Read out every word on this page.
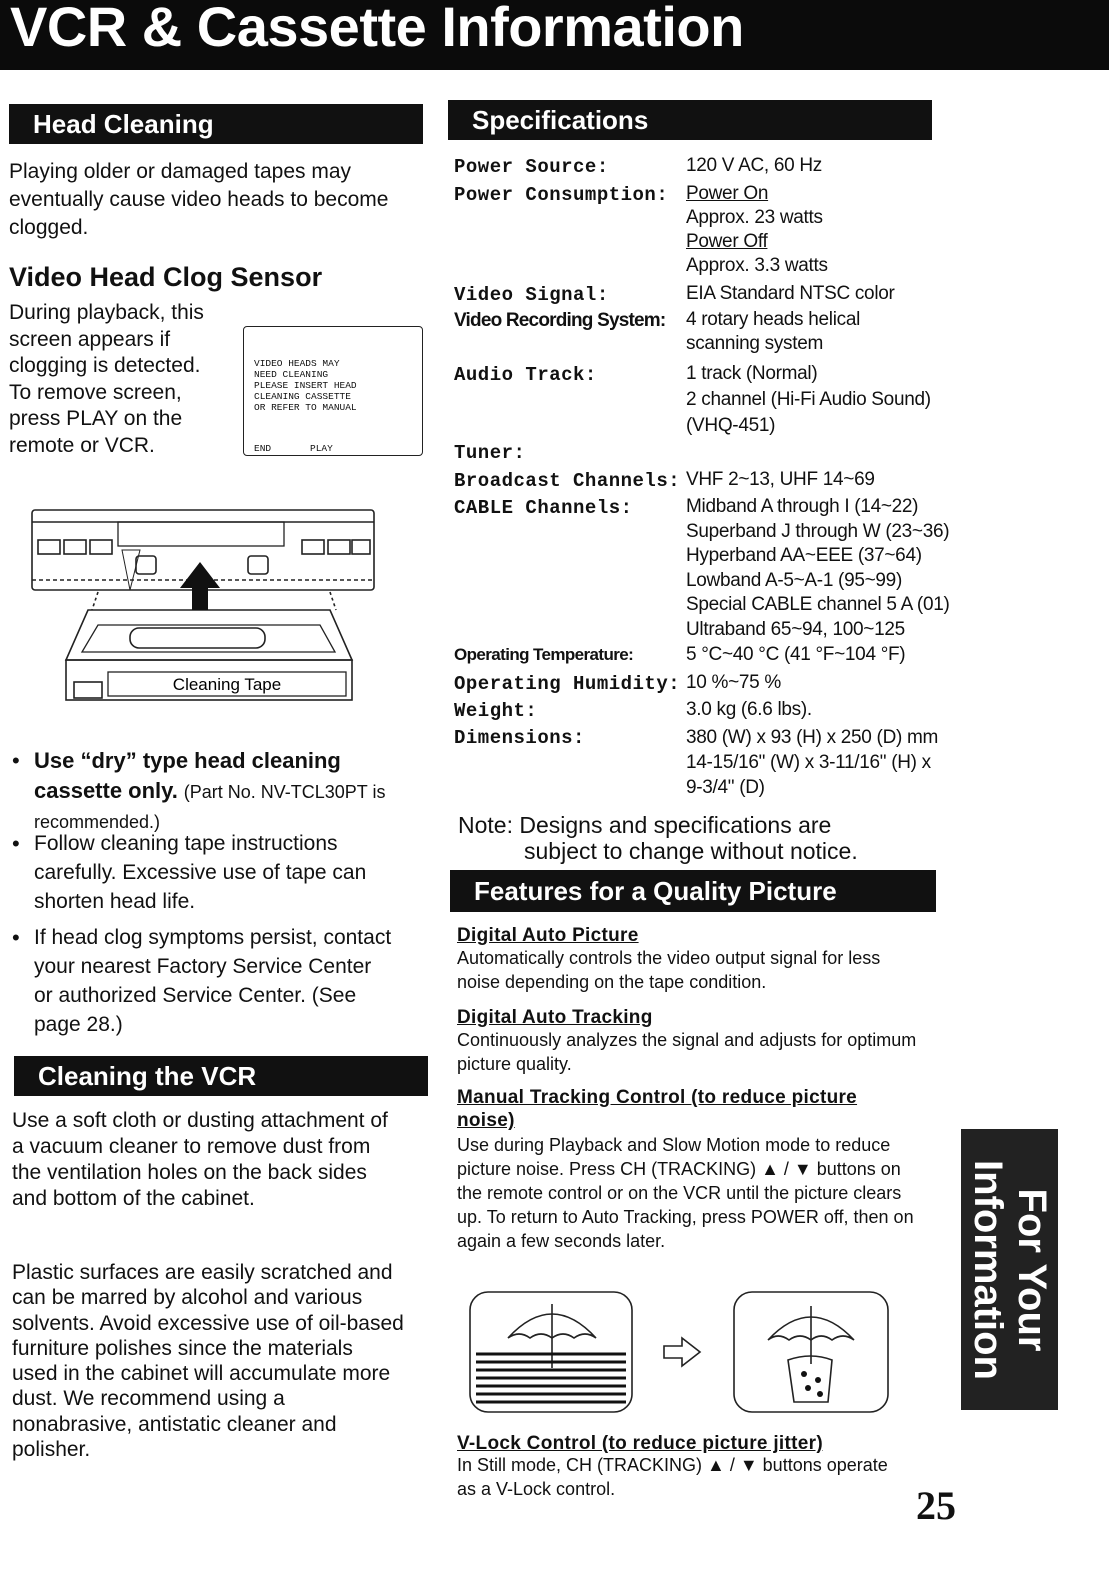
VCR & Cassette Information
Head Cleaning
Playing older or damaged tapes may eventually cause video heads to become clogged.
Video Head Clog Sensor
During playback, this
screen appears if
clogging is detected.
To remove screen,
press PLAY on the
remote or VCR.
VIDEO HEADS MAY
NEED CLEANING
PLEASE INSERT HEAD
CLEANING CASSETTE
OR REFER TO MANUAL
END	PLAY
Cleaning Tape
• Use “dry” type head cleaning cassette only. (Part No. NV-TCL30PT is recommended.)
• Follow cleaning tape instructions carefully. Excessive use of tape can shorten head life.
• If head clog symptoms persist, contact your nearest Factory Service Center or authorized Service Center. (See page 28.)
Cleaning the VCR
Use a soft cloth or dusting attachment of a vacuum cleaner to remove dust from the ventilation holes on the back sides and bottom of the cabinet.
Plastic surfaces are easily scratched and can be marred by alcohol and various solvents. Avoid excessive use of oil-based furniture polishes since the materials used in the cabinet will accumulate more dust. We recommend using a nonabrasive, antistatic cleaner and polisher.
Specifications
Power Source:	120 V AC, 60 Hz
Power Consumption: Power On
Approx. 23 watts
Power Off
Approx. 3.3 watts
Video Signal:	EIA Standard NTSC color
Video Recording System: 4 rotary heads helical
scanning system
Audio Track:	1 track (Normal)
2 channel (Hi-Fi Audio Sound)
(VHQ-451)
Tuner:
Broadcast Channels: VHF 2~13, UHF 14~69
CABLE Channels:	Midband A through I (14~22)
Superband J through W (23~36)
Hyperband AA~EEE (37~64)
Lowband A-5~A-1 (95~99)
Special CABLE channel 5 A (01)
Ultraband 65~94, 100~125
Operating Temperature:	5 °C~40 °C (41 °F~104 °F)
Operating Humidity: 10 %~75 %
Weight:	3.0 kg (6.6 lbs).
Dimensions:	380 (W) x 93 (H) x 250 (D) mm
14-15/16" (W) x 3-11/16" (H) x
9-3/4" (D)
Note: Designs and specifications are
subject to change without notice.
Features for a Quality Picture
Digital Auto Picture
Automatically controls the video output signal for less noise depending on the tape condition.
Digital Auto Tracking
Continuously analyzes the signal and adjusts for optimum picture quality.
Manual Tracking Control (to reduce picture noise)
Use during Playback and Slow Motion mode to reduce picture noise. Press CH (TRACKING) ▲ / ▼ buttons on the remote control or on the VCR until the picture clears up. To return to Auto Tracking, press POWER off, then on again a few seconds later.
V-Lock Control (to reduce picture jitter)
In Still mode, CH (TRACKING) ▲ / ▼ buttons operate as a V-Lock control.
For Your
Information
25
